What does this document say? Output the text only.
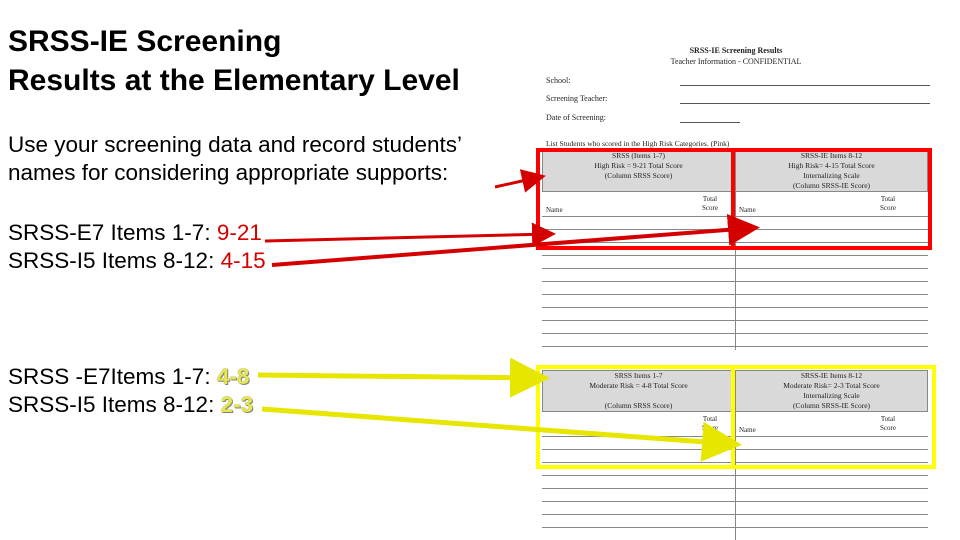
SRSS-IE Screening
Results at the Elementary Level

Use your screening data and record students’
names for considering appropriate supports:

SRSS-E7 Items 1-7: 9-21
SRSS-I5 Items 8-12: 4-15

SRSS -E7Items 1-7: 4-8
SRSS-I5 Items 8-12: 2-3

SRSS-IE Screening Results
Teacher Information - CONFIDENTIAL
School:
Screening Teacher:
Date of Screening:
List Students who scored in the High Risk Categories. (Pink)
SRSS (Items 1-7)
High Risk = 9-21 Total Score
(Column SRSS Score)
SRSS-IE Items 8-12
High Risk= 4-15 Total Score
Internalizing Scale
(Column SRSS-IE Score)
Name
Total
Score	Name
Total
Score
SRSS Items 1-7
Moderate Risk = 4-8 Total Score
(Column SRSS Score)
SRSS-IE Items 8-12
Moderate Risk= 2-3 Total Score
Internalizing Scale
(Column SRSS-IE Score)
Name
Total
Score
Total
Score
